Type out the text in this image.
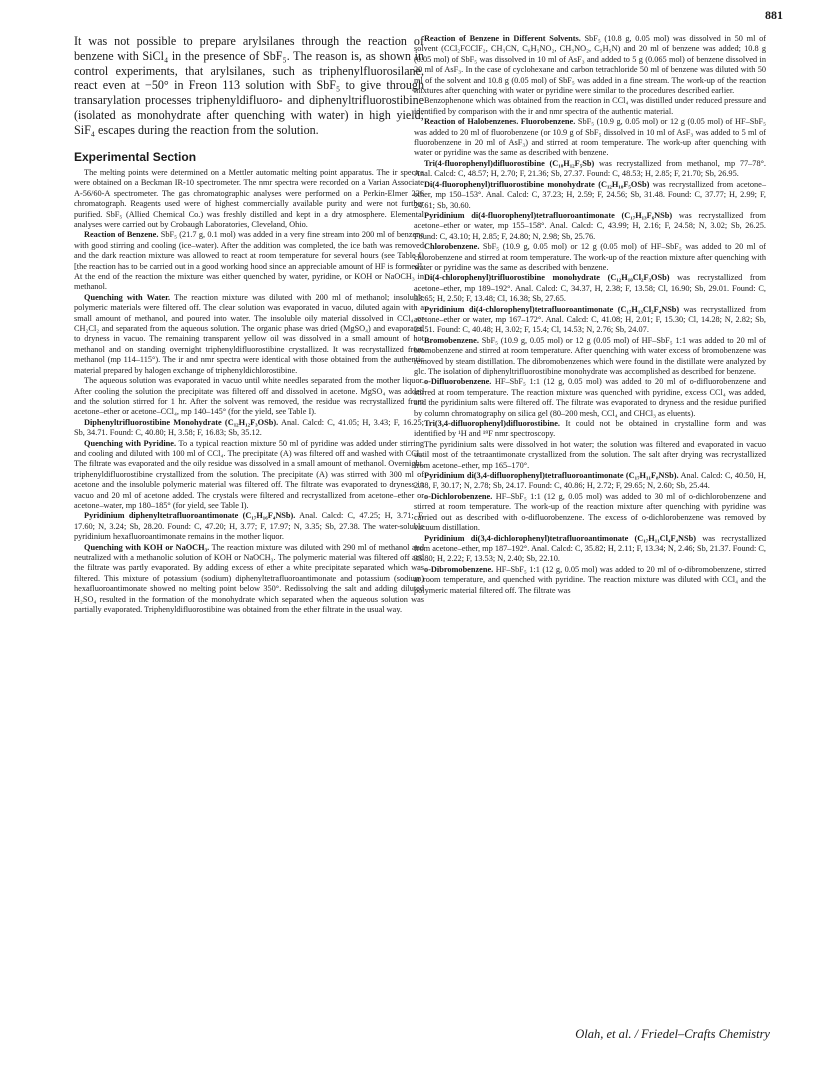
881

It was not possible to prepare arylsilanes through the reaction of benzene with SiCl₄ in the presence of SbF₅. The reason is, as shown in control experiments, that arylsilanes, such as triphenylfluorosilane, react even at −50° in Freon 113 solution with SbF₅ to give through transarylation processes triphenyldifluoro- and diphenyltrifluorostibine (isolated as monohydrate after quenching with water) in high yield; SiF₄ escapes during the reaction from the solution.

Experimental Section

The melting points were determined on a Mettler automatic melting point apparatus. The ir spectra were obtained on a Beckman IR-10 spectrometer. The nmr spectra were recorded on a Varian Associate A-56/60-A spectrometer. The gas chromatographic analyses were performed on a Perkin-Elmer 226 chromatograph. Reagents used were of highest commercially available purity and were not further purified. SbF₅ (Allied Chemical Co.) was freshly distilled and kept in a dry atmosphere. Elemental analyses were carried out by Crobaugh Laboratories, Cleveland, Ohio.

Reaction of Benzene. SbF₅ (21.7 g, 0.1 mol) was added in a very fine stream into 200 ml of benzene with good stirring and cooling (ice–water). After the addition was completed, the ice bath was removed and the dark reaction mixture was allowed to react at room temperature for several hours (see Table I) [the reaction has to be carried out in a good working hood since an appreciable amount of HF is formed]. At the end of the reaction the mixture was either quenched by water, pyridine, or KOH or NaOCH₃ in methanol.

Quenching with Water. The reaction mixture was diluted with 200 ml of methanol; insoluble polymeric materials were filtered off. The clear solution was evaporated in vacuo, diluted again with a small amount of methanol, and poured into water. The insoluble oily material dissolved in CCl₄ or CH₂Cl₂ and separated from the aqueous solution. The organic phase was dried (MgSO₄) and evaporated to dryness in vacuo. The remaining transparent yellow oil was dissolved in a small amount of hot methanol and on standing overnight triphenyldifluorostibine crystallized. It was recrystallized from methanol (mp 114–115°). The ir and nmr spectra were identical with those obtained from the authentic material prepared by halogen exchange of triphenyldichlorostibine.

The aqueous solution was evaporated in vacuo until white needles separated from the mother liquor. After cooling the solution the precipitate was filtered off and dissolved in acetone. MgSO₄ was added and the solution stirred for 1 hr. After the solvent was removed, the residue was recrystallized from acetone–ether or acetone–CCl₄, mp 140–145° (for the yield, see Table I).

Diphenyltrifluorostibine Monohydrate (C₁₂H₁₂F₃OSb). Anal. Calcd: C, 41.05; H, 3.43; F, 16.25; Sb, 34.71. Found: C, 40.80; H, 3.58; F, 16.83; Sb, 35.12.

Quenching with Pyridine. To a typical reaction mixture 50 ml of pyridine was added under stirring and cooling and diluted with 100 ml of CCl₄. The precipitate (A) was filtered off and washed with CCl₄. The filtrate was evaporated and the oily residue was dissolved in a small amount of methanol. Overnight, triphenyldifluorostibine crystallized from the solution. The precipitate (A) was stirred with 300 ml of acetone and the insoluble polymeric material was filtered off. The filtrate was evaporated to dryness in vacuo and 20 ml of acetone added. The crystals were filtered and recrystallized from acetone–ether or acetone–water, mp 180–185° (for yield, see Table I).

Pyridinium diphenyltetrafluoroantimonate (C₁₇H₁₆F₄NSb). Anal. Calcd: C, 47.25; H, 3.71; F, 17.60; N, 3.24; Sb, 28.20. Found: C, 47.20; H, 3.77; F, 17.97; N, 3.35; Sb, 27.38. The water-soluble pyridinium hexafluoroantimonate remains in the mother liquor.

Quenching with KOH or NaOCH₃. The reaction mixture was diluted with 290 ml of methanol and neutralized with a methanolic solution of KOH or NaOCH₃. The polymeric material was filtered off and the filtrate was partly evaporated. By adding excess of ether a white precipitate separated which was filtered. This mixture of potassium (sodium) diphenyltetrafluoroantimonate and potassium (sodium) hexafluoroantimonate showed no melting point below 350°. Redissolving the salt and adding diluted H₂SO₄ resulted in the formation of the monohydrate which separated when the aqueous solution was partially evaporated. Triphenyldifluorostibine was obtained from the ether filtrate in the usual way.

Reaction of Benzene in Different Solvents. SbF₅ (10.8 g, 0.05 mol) was dissolved in 50 ml of solvent (CCl₂FCClF₂, CH₃CN, C₆H₅NO₂, CH₃NO₂, C₅H₅N) and 20 ml of benzene was added; 10.8 g (0.05 mol) of SbF₅ was dissolved in 10 ml of AsF₃ and added to 5 g (0.065 mol) of benzene dissolved in 20 ml of AsF₃. In the case of cyclohexane and carbon tetrachloride 50 ml of benzene was diluted with 50 ml of the solvent and 10.8 g (0.05 mol) of SbF₅ was added in a fine stream. The work-up of the reaction mixtures after quenching with water or pyridine were similar to the procedures described earlier.

Benzophenone which was obtained from the reaction in CCl₄ was distilled under reduced pressure and identified by comparison with the ir and nmr spectra of the authentic material.

Reaction of Halobenzenes. Fluorobenzene. SbF₅ (10.9 g, 0.05 mol) or 12 g (0.05 mol) of HF–SbF₅ was added to 20 ml of fluorobenzene (or 10.9 g of SbF₅ dissolved in 10 ml of AsF₃ was added to 5 ml of fluorobenzene in 20 ml of AsF₃) and stirred at room temperature. The work-up after quenching with water or pyridine was the same as described with benzene.

Tri(4-fluorophenyl)difluorostibine (C₁₈H₁₂F₅Sb) was recrystallized from methanol, mp 77–78°. Anal. Calcd: C, 48.57; H, 2.70; F, 21.36; Sb, 27.37. Found: C, 48.53; H, 2.85; F, 21.70; Sb, 26.95.

Di(4-fluorophenyl)trifluorostibine monohydrate (C₁₂H₁₀F₅OSb) was recrystallized from acetone–ether, mp 150–153°. Anal. Calcd: C, 37.23; H, 2.59; F, 24.56; Sb, 31.48. Found: C, 37.77; H, 2.99; F, 24.61; Sb, 30.60.

Pyridinium di(4-fluorophenyl)tetrafluoroantimonate (C₁₇H₁₃F₆NSb) was recrystallized from acetone–ether or water, mp 155–158°. Anal. Calcd: C, 43.99; H, 2.16; F, 24.58; N, 3.02; Sb, 26.25. Found: C, 43.10; H, 2.85; F, 24.80; N, 2.98; Sb, 25.76.

Chlorobenzene. SbF₅ (10.9 g, 0.05 mol) or 12 g (0.05 mol) of HF–SbF₅ was added to 20 ml of chlorobenzene and stirred at room temperature. The work-up of the reaction mixture after quenching with water or pyridine was the same as described with benzene.

Di(4-chlorophenyl)trifluorostibine monohydrate (C₁₂H₁₀Cl₂F₃OSb) was recrystallized from acetone–ether, mp 189–192°. Anal. Calcd: C, 34.37, H, 2.38; F, 13.58; Cl, 16.90; Sb, 29.01. Found: C, 33.65; H, 2.50; F, 13.48; Cl, 16.38; Sb, 27.65.

Pyridinium di(4-chlorophenyl)tetrafluoroantimonate (C₁₇H₁₃Cl₂F₄NSb) was recrystallized from acetone–ether or water, mp 167–172°. Anal. Calcd: C, 41.08; H, 2.01; F, 15.30; Cl, 14.28; N, 2.82; Sb, 24.51. Found: C, 40.48; H, 3.02; F, 15.4; Cl, 14.53; N, 2.76; Sb, 24.07.

Bromobenzene. SbF₅ (10.9 g, 0.05 mol) or 12 g (0.05 mol) of HF–SbF₅ 1:1 was added to 20 ml of bromobenzene and stirred at room temperature. After quenching with water excess of bromobenzene was removed by steam distillation. The dibromobenzenes which were found in the distillate were analyzed by glc. The isolation of diphenyltrifluorostibine monohydrate was accomplished as described for benzene.

o-Difluorobenzene. HF–SbF₅ 1:1 (12 g, 0.05 mol) was added to 20 ml of o-difluorobenzene and stirred at room temperature. The reaction mixture was quenched with pyridine, excess CCl₄ was added, and the pyridinium salts were filtered off. The filtrate was evaporated to dryness and the residue purified by column chromatography on silica gel (80–200 mesh, CCl₄ and CHCl₃ as eluents).

Tri(3,4-difluorophenyl)difluorostibine. It could not be obtained in crystalline form and was identified by ¹H and ¹⁹F nmr spectroscopy.

The pyridinium salts were dissolved in hot water; the solution was filtered and evaporated in vacuo until most of the tetraantimonate crystallized from the solution. The salt after drying was recrystallized from acetone–ether, mp 165–170°.

Pyridinium di(3,4-difluorophenyl)tetrafluoroantimonate (C₁₇H₁₁F₈NSb). Anal. Calcd: C, 40.50, H, 2.38, F, 30.17; N, 2.78; Sb, 24.17. Found: C, 40.86; H, 2.72; F, 29.65; N, 2.60; Sb, 25.44.

o-Dichlorobenzene. HF–SbF₅ 1:1 (12 g, 0.05 mol) was added to 30 ml of o-dichlorobenzene and stirred at room temperature. The work-up of the reaction mixture after quenching with pyridine was carried out as described with o-difluorobenzene. The excess of o-dichlorobenzene was removed by vacuum distillation.

Pyridinium di(3,4-dichlorophenyl)tetrafluoroantimonate (C₁₇H₁₁Cl₄F₄NSb) was recrystallized from acetone–ether, mp 187–192°. Anal. Calcd: C, 35.82; H, 2.11; F, 13.34; N, 2.46; Sb, 21.37. Found: C, 35.80; H, 2.22; F, 13.53; N, 2.40; Sb, 22.10.

o-Dibromobenzene. HF–SbF₅ 1:1 (12 g, 0.05 mol) was added to 20 ml of o-dibromobenzene, stirred at room temperature, and quenched with pyridine. The reaction mixture was diluted with CCl₄ and the polymeric material filtered off. The filtrate was

Olah, et al. / Friedel–Crafts Chemistry
